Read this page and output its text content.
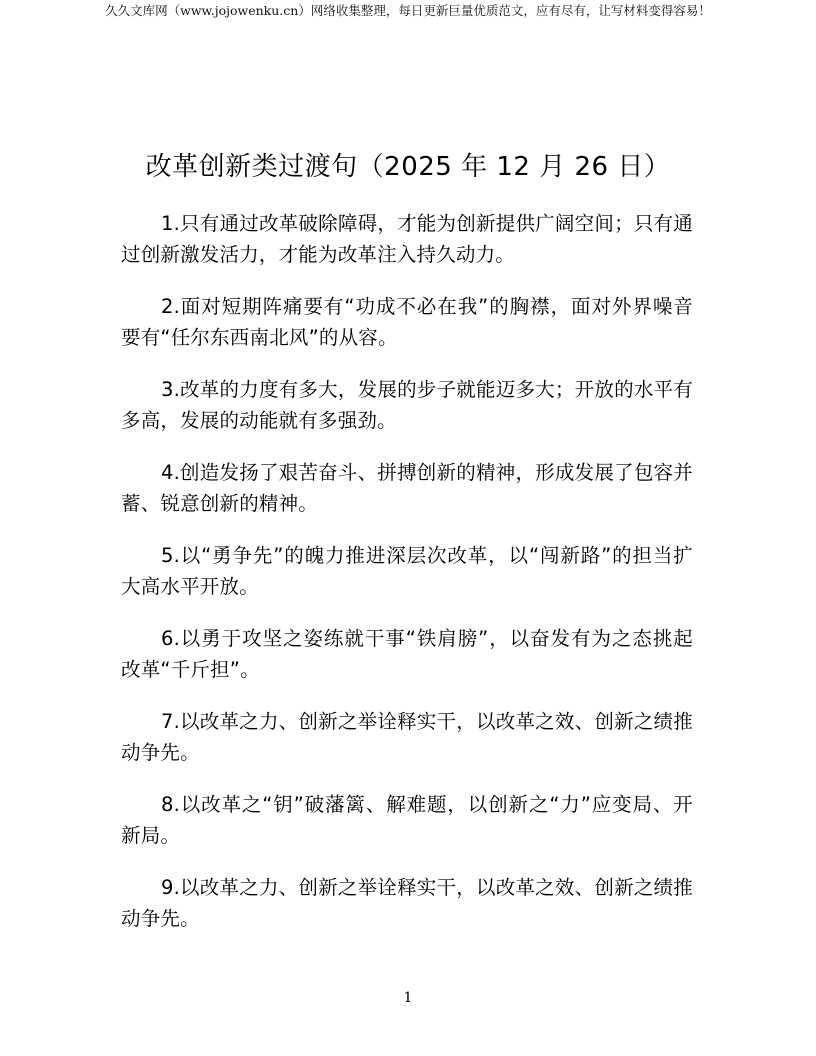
久久文库网（www.jojowenku.cn）网络收集整理，每日更新巨量优质范文，应有尽有，让写材料变得容易！
改革创新类过渡句（2025 年 12 月 26 日）

1.只有通过改革破除障碍，才能为创新提供广阔空间；只有通过创新激发活力，才能为改革注入持久动力。

2.面对短期阵痛要有“功成不必在我”的胸襟，面对外界噪音要有“任尔东西南北风”的从容。

3.改革的力度有多大，发展的步子就能迈多大；开放的水平有多高，发展的动能就有多强劲。

4.创造发扬了艰苦奋斗、拼搏创新的精神，形成发展了包容并蓄、锐意创新的精神。

5.以“勇争先”的魄力推进深层次改革，以“闯新路”的担当扩大高水平开放。

6.以勇于攻坚之姿练就干事“铁肩膀”，以奋发有为之态挑起改革“千斤担”。

7.以改革之力、创新之举诠释实干，以改革之效、创新之绩推动争先。

8.以改革之“钥”破藩篱、解难题，以创新之“力”应变局、开新局。

9.以改革之力、创新之举诠释实干，以改革之效、创新之绩推动争先。

1
